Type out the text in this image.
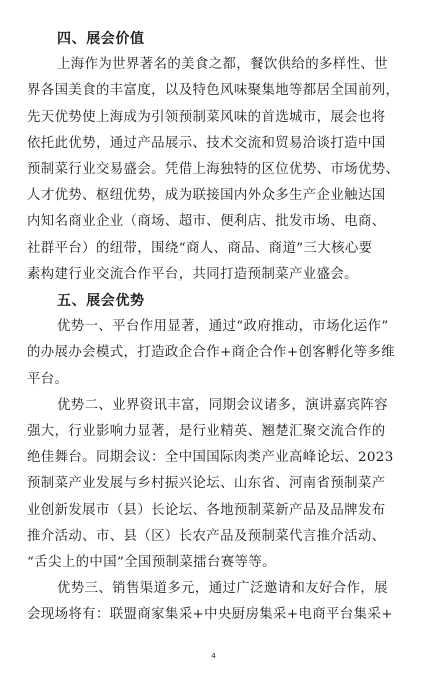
四、展会价值
上海作为世界著名的美食之都，餐饮供给的多样性、世
界各国美食的丰富度，以及特色风味聚集地等都居全国前列，
先天优势使上海成为引领预制菜风味的首选城市，展会也将
依托此优势，通过产品展示、技术交流和贸易洽谈打造中国
预制菜行业交易盛会。凭借上海独特的区位优势、市场优势、
人才优势、枢纽优势，成为联接国内外众多生产企业触达国
内知名商业企业（商场、超市、便利店、批发市场、电商、
社群平台）的纽带，围绕“商人、商品、商道”三大核心要
素构建行业交流合作平台，共同打造预制菜产业盛会。
五、展会优势
优势一、平台作用显著，通过“政府推动，市场化运作”
的办展办会模式，打造政企合作+商企合作+创客孵化等多维
平台。
优势二、业界资讯丰富，同期会议诸多，演讲嘉宾阵容
强大，行业影响力显著，是行业精英、翘楚汇聚交流合作的
绝佳舞台。同期会议：全中国国际肉类产业高峰论坛、2023
预制菜产业发展与乡村振兴论坛、山东省、河南省预制菜产
业创新发展市（县）长论坛、各地预制菜新产品及品牌发布
推介活动、市、县（区）长农产品及预制菜代言推介活动、
“舌尖上的中国”全国预制菜擂台赛等等。
优势三、销售渠道多元，通过广泛邀请和友好合作，展
会现场将有：联盟商家集采+中央厨房集采+电商平台集采+
4
